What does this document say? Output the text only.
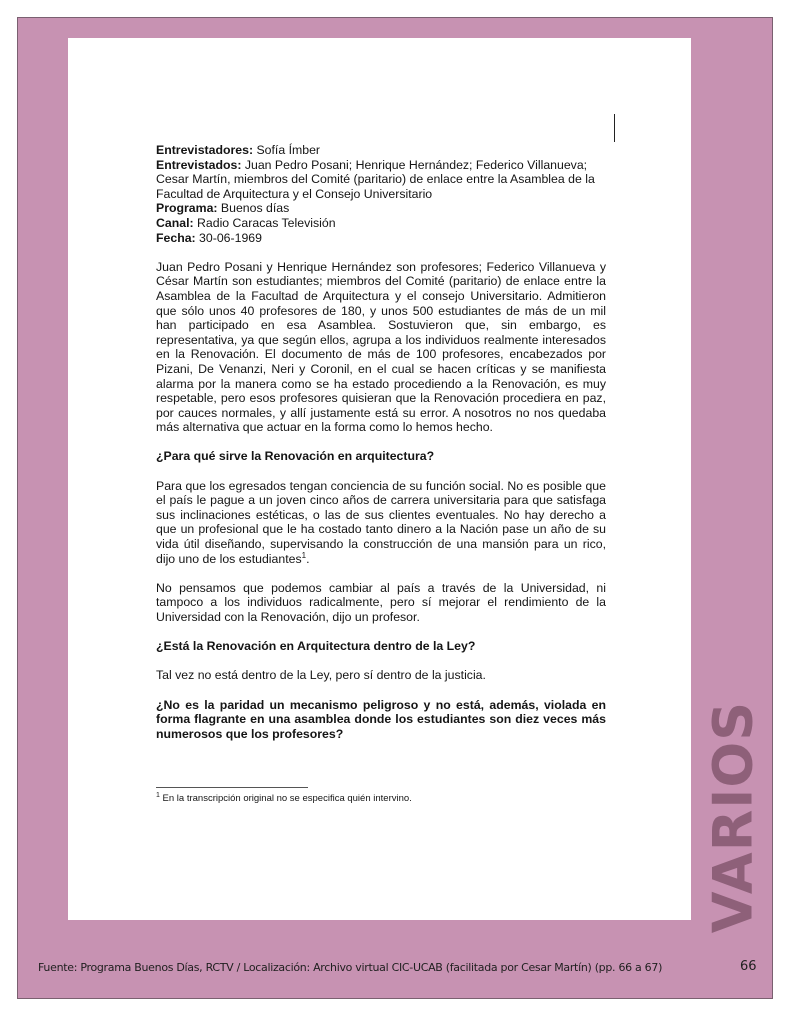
Entrevistadores: Sofía Ímber

Entrevistados: Juan Pedro Posani; Henrique Hernández; Federico Villanueva; Cesar Martín, miembros del Comité (paritario) de enlace entre la Asamblea de la Facultad de Arquitectura y el Consejo Universitario

Programa: Buenos días

Canal: Radio Caracas Televisión

Fecha: 30-06-1969

Juan Pedro Posani y Henrique Hernández son profesores; Federico Villanueva y César Martín son estudiantes; miembros del Comité (paritario) de enlace entre la Asamblea de la Facultad de Arquitectura y el consejo Universitario. Admitieron que sólo unos 40 profesores de 180, y unos 500 estudiantes de más de un mil han participado en esa Asamblea. Sostuvieron que, sin embargo, es representativa, ya que según ellos, agrupa a los individuos realmente interesados en la Renovación. El documento de más de 100 profesores, encabezados por Pizani, De Venanzi, Neri y Coronil, en el cual se hacen críticas y se manifiesta alarma por la manera como se ha estado procediendo a la Renovación, es muy respetable, pero esos profesores quisieran que la Renovación procediera en paz, por cauces normales, y allí justamente está su error. A nosotros no nos quedaba más alternativa que actuar en la forma como lo hemos hecho.

¿Para qué sirve la Renovación en arquitectura?

Para que los egresados tengan conciencia de su función social. No es posible que el país le pague a un joven cinco años de carrera universitaria para que satisfaga sus inclinaciones estéticas, o las de sus clientes eventuales. No hay derecho a que un profesional que le ha costado tanto dinero a la Nación pase un año de su vida útil diseñando, supervisando la construcción de una mansión para un rico, dijo uno de los estudiantes$^1$.

No pensamos que podemos cambiar al país a través de la Universidad, ni tampoco a los individuos radicalmente, pero sí mejorar el rendimiento de la Universidad con la Renovación, dijo un profesor.

¿Está la Renovación en Arquitectura dentro de la Ley?

Tal vez no está dentro de la Ley, pero sí dentro de la justicia.

¿No es la paridad un mecanismo peligroso y no está, además, violada en forma flagrante en una asamblea donde los estudiantes son diez veces más numerosos que los profesores?

$^1$ En la transcripción original no se especifica quién intervino.	VARIOS
Fuente: Programa Buenos Días, RCTV / Localización: Archivo virtual CIC-UCAB (facilitada por Cesar Martín) (pp. 66 a 67)	66
